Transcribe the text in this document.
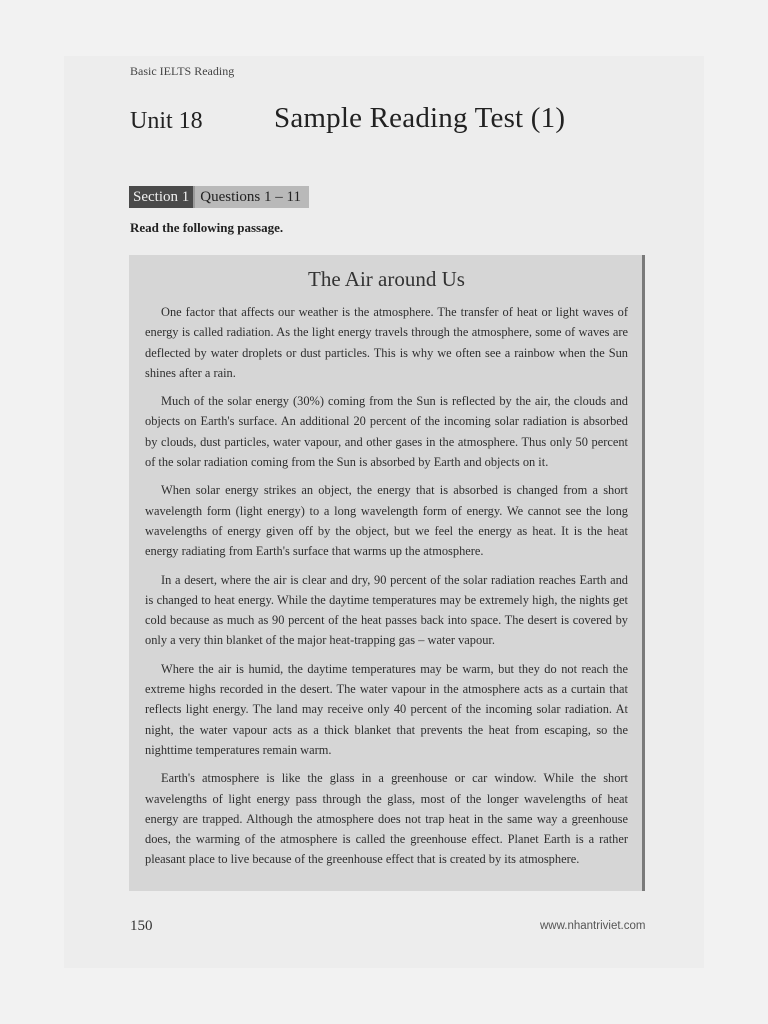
Basic IELTS Reading
Unit 18 Sample Reading Test (1)
Section 1 Questions 1 – 11
Read the following passage.
The Air around Us

One factor that affects our weather is the atmosphere. The transfer of heat or light waves of energy is called radiation. As the light energy travels through the atmosphere, some of waves are deflected by water droplets or dust particles. This is why we often see a rainbow when the Sun shines after a rain.

Much of the solar energy (30%) coming from the Sun is reflected by the air, the clouds and objects on Earth's surface. An additional 20 percent of the incoming solar radiation is absorbed by clouds, dust particles, water vapour, and other gases in the atmosphere. Thus only 50 percent of the solar radiation coming from the Sun is absorbed by Earth and objects on it.

When solar energy strikes an object, the energy that is absorbed is changed from a short wavelength form (light energy) to a long wavelength form of energy. We cannot see the long wavelengths of energy given off by the object, but we feel the energy as heat. It is the heat energy radiating from Earth's surface that warms up the atmosphere.

In a desert, where the air is clear and dry, 90 percent of the solar radiation reaches Earth and is changed to heat energy. While the daytime temperatures may be extremely high, the nights get cold because as much as 90 percent of the heat passes back into space. The desert is covered by only a very thin blanket of the major heat-trapping gas – water vapour.

Where the air is humid, the daytime temperatures may be warm, but they do not reach the extreme highs recorded in the desert. The water vapour in the atmosphere acts as a curtain that reflects light energy. The land may receive only 40 percent of the incoming solar radiation. At night, the water vapour acts as a thick blanket that prevents the heat from escaping, so the nighttime temperatures remain warm.

Earth's atmosphere is like the glass in a greenhouse or car window. While the short wavelengths of light energy pass through the glass, most of the longer wavelengths of heat energy are trapped. Although the atmosphere does not trap heat in the same way a greenhouse does, the warming of the atmosphere is called the greenhouse effect. Planet Earth is a rather pleasant place to live because of the greenhouse effect that is created by its atmosphere.

150	www.nhantriviet.com
